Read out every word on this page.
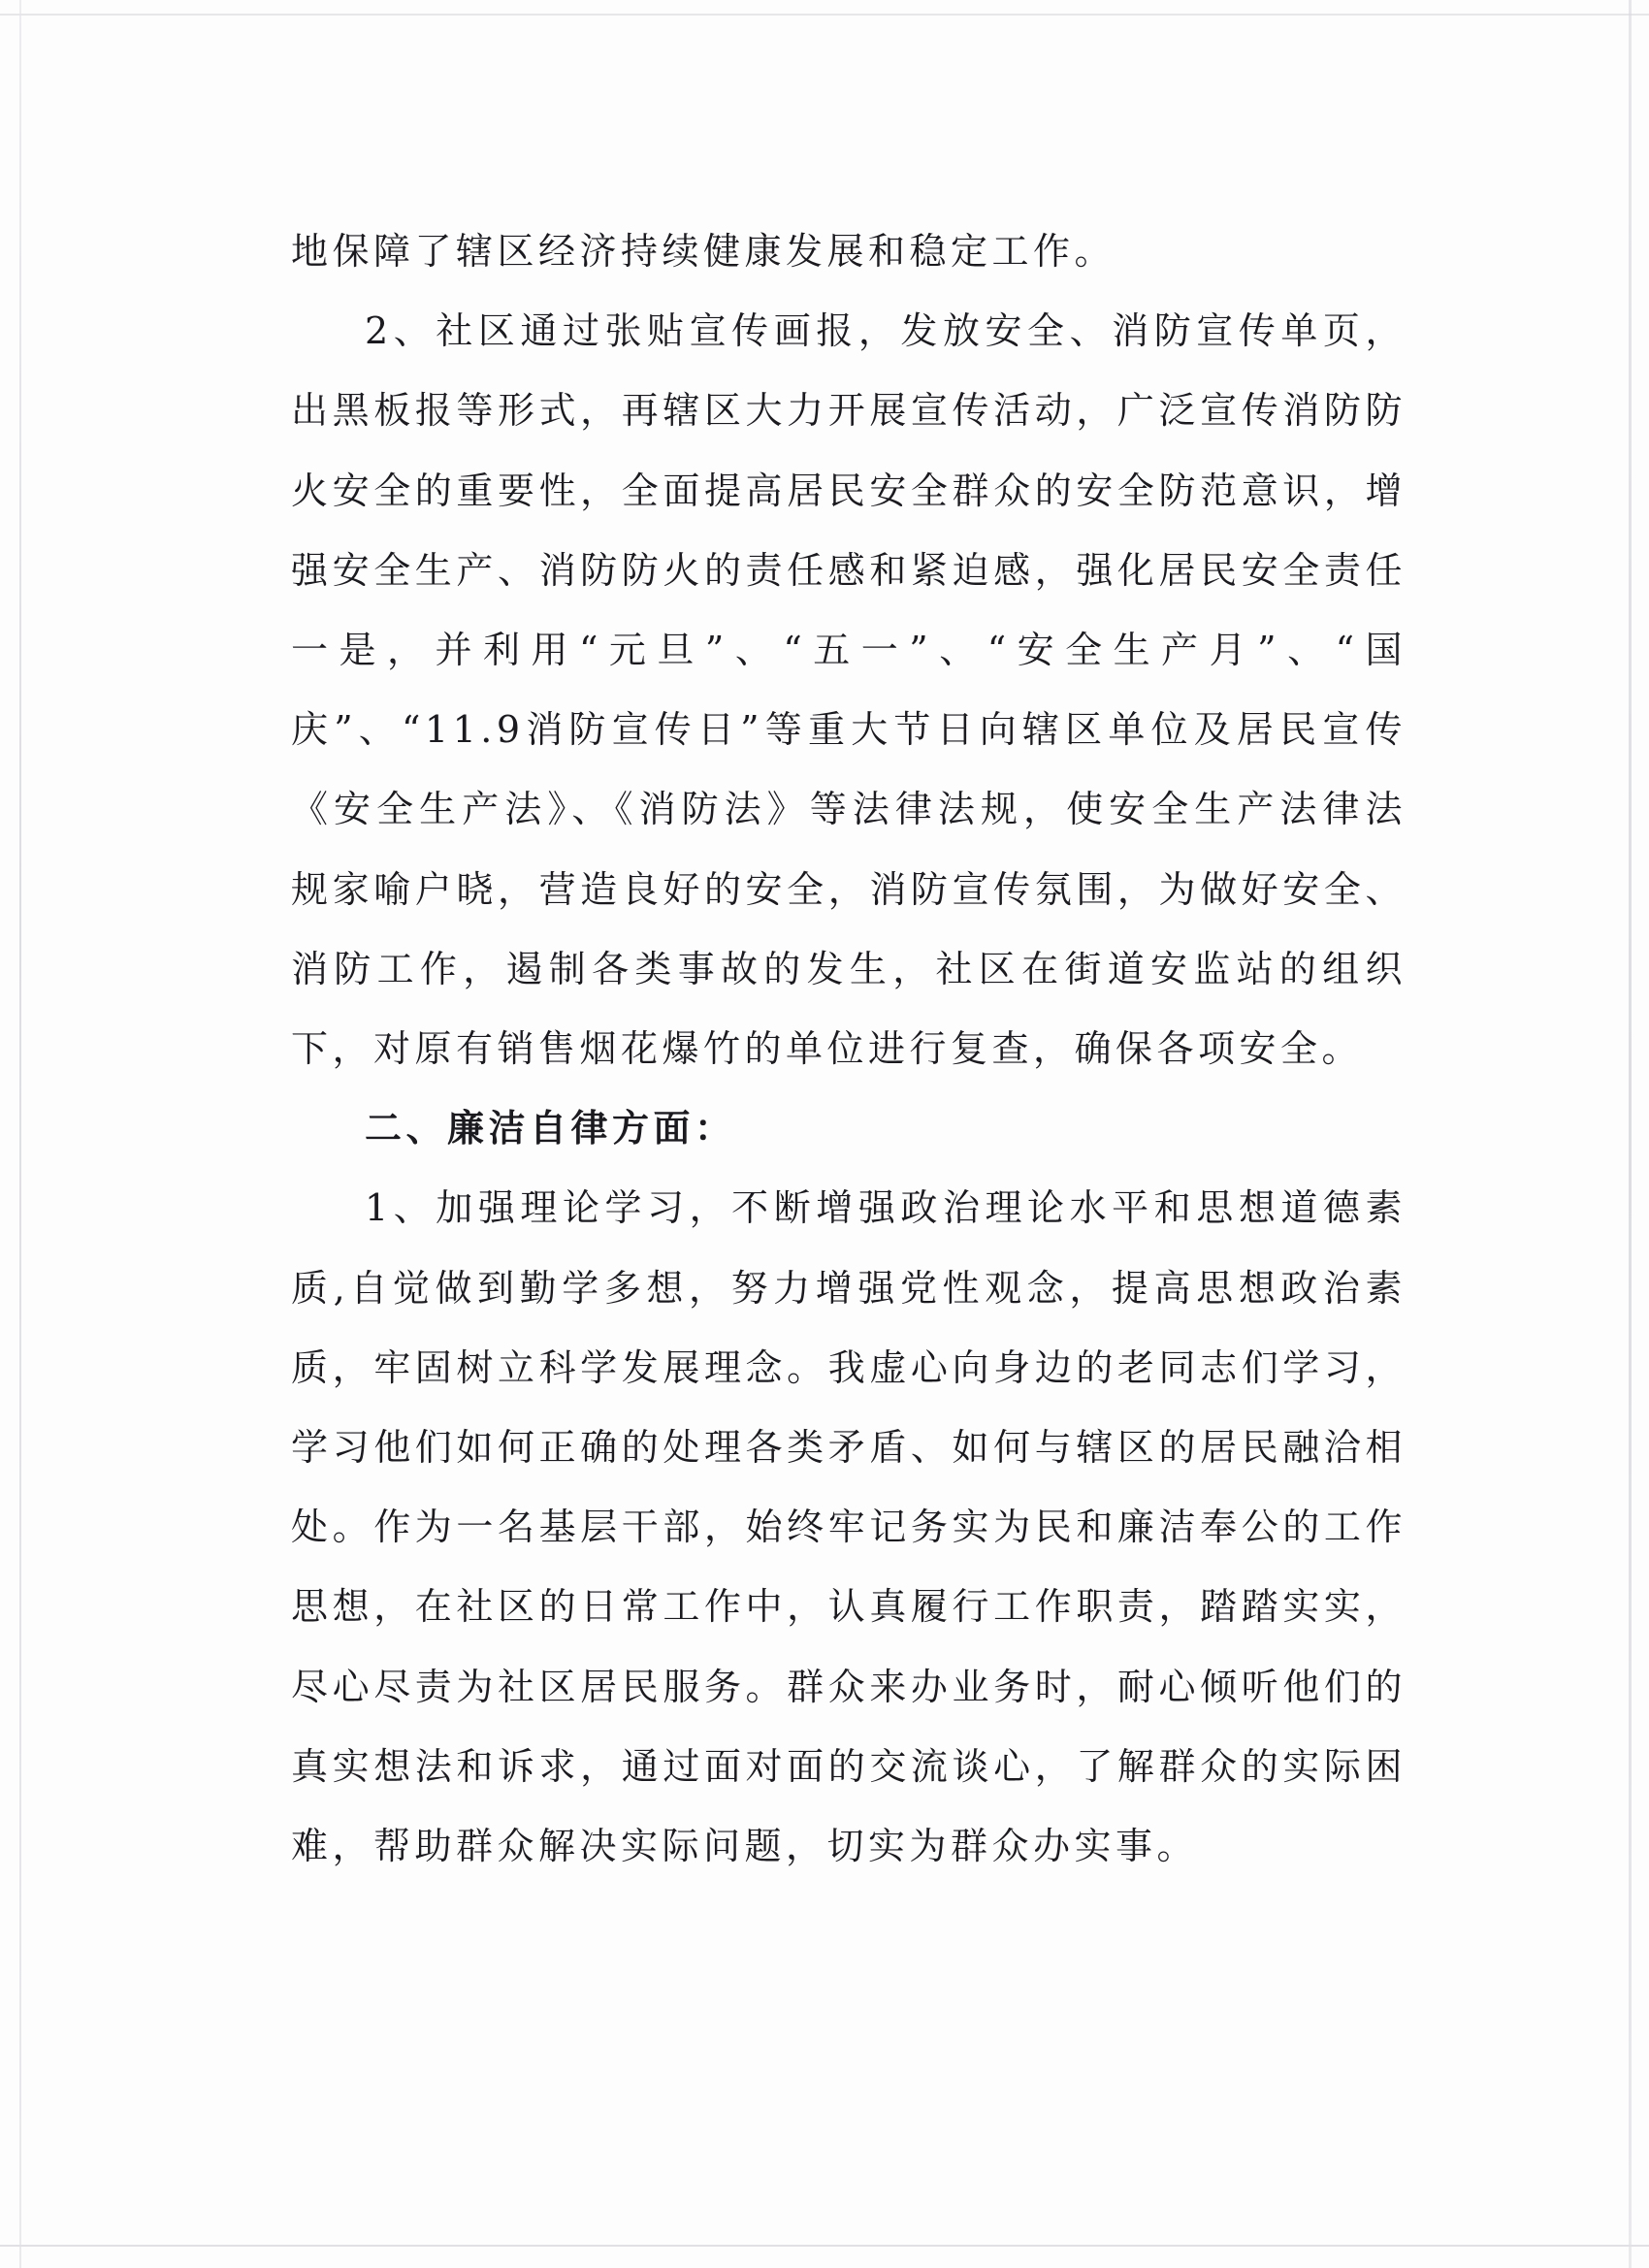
地保障了辖区经济持续健康发展和稳定工作。

2、社区通过张贴宣传画报，发放安全、消防宣传单页，出黑板报等形式，再辖区大力开展宣传活动，广泛宣传消防防火安全的重要性，全面提高居民安全群众的安全防范意识，增强安全生产、消防防火的责任感和紧迫感，强化居民安全责任一是，并利用“元旦”、“五一”、“安全生产月”、“国庆”、“11.9消防宣传日”等重大节日向辖区单位及居民宣传《安全生产法》、《消防法》等法律法规，使安全生产法律法规家喻户晓，营造良好的安全，消防宣传氛围，为做好安全、消防工作，遏制各类事故的发生，社区在街道安监站的组织下，对原有销售烟花爆竹的单位进行复查，确保各项安全。

二、廉洁自律方面：

1、加强理论学习，不断增强政治理论水平和思想道德素质,自觉做到勤学多想，努力增强党性观念，提高思想政治素质，牢固树立科学发展理念。我虚心向身边的老同志们学习，学习他们如何正确的处理各类矛盾、如何与辖区的居民融洽相处。作为一名基层干部，始终牢记务实为民和廉洁奉公的工作思想，在社区的日常工作中，认真履行工作职责，踏踏实实，尽心尽责为社区居民服务。群众来办业务时，耐心倾听他们的真实想法和诉求，通过面对面的交流谈心，了解群众的实际困难，帮助群众解决实际问题，切实为群众办实事。
